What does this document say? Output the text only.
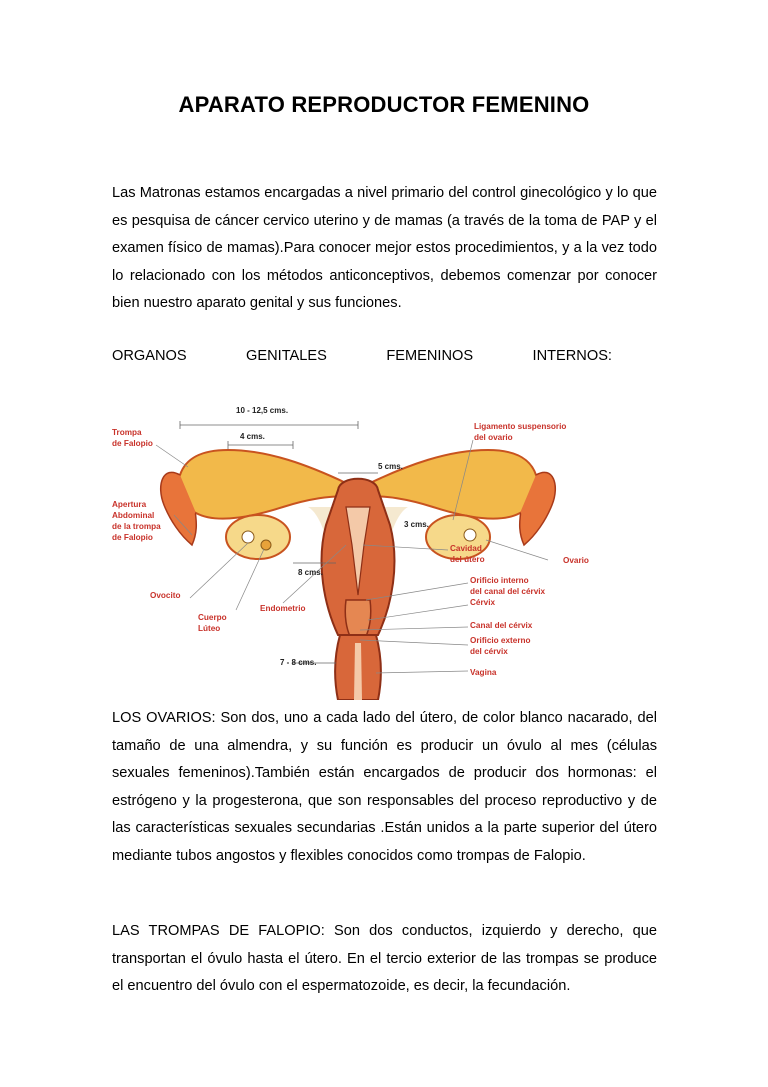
APARATO REPRODUCTOR FEMENINO

Las Matronas estamos encargadas a nivel primario del control ginecológico y lo que es pesquisa de cáncer cervico uterino y de mamas (a través de la toma de PAP y el examen físico de mamas).Para conocer mejor estos procedimientos, y a la vez todo lo relacionado con los métodos anticonceptivos, debemos comenzar por conocer bien nuestro aparato genital y sus funciones.

ORGANOS	GENITALES	FEMENINOS	INTERNOS:
10 - 12,5 cms.
4 cms.
5 cms.
3 cms.
8 cms.
7 - 8 cms.
Trompa
de Falopio
Apertura
Abdominal
de la trompa
de Falopio
Ovocito
Cuerpo
Lúteo
Endometrio
Ligamento suspensorio
del ovario
Cavidad
del útero	Ovario
Orificio interno
del canal del cérvix
Cérvix
Canal del cérvix
Orificio externo
del cérvix
Vagina

LOS OVARIOS: Son dos, uno a cada lado del útero, de color blanco nacarado, del tamaño de una almendra, y su función es producir un óvulo al mes (células sexuales femeninos).También están encargados de producir dos hormonas: el estrógeno y la progesterona, que son responsables del proceso reproductivo y de las características sexuales secundarias .Están unidos a la parte superior del útero mediante tubos angostos y flexibles conocidos como trompas de Falopio.

LAS TROMPAS DE FALOPIO: Son dos conductos, izquierdo y derecho, que transportan el óvulo hasta el útero. En el tercio exterior de las trompas se produce el encuentro del óvulo con el espermatozoide, es decir, la fecundación.
